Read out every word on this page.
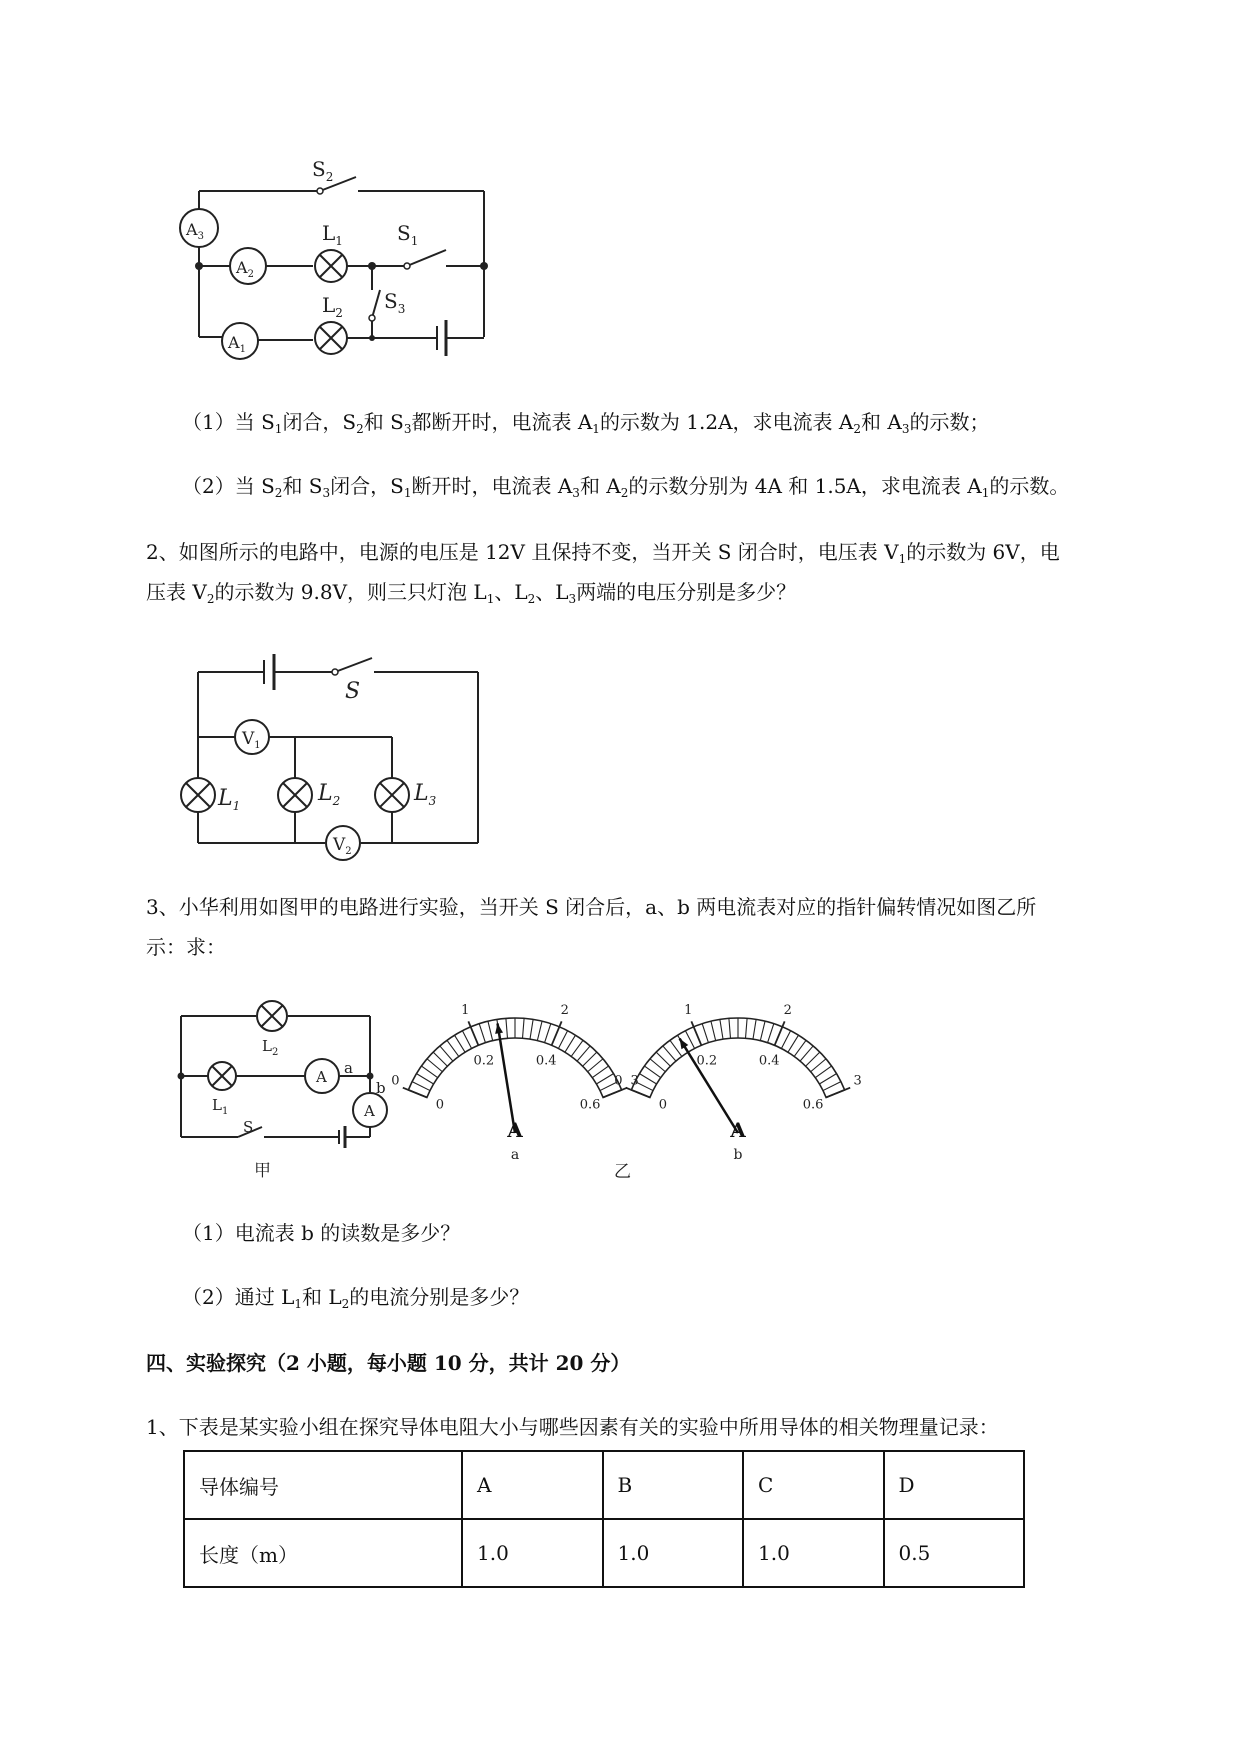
$S_2$
$A_3$
$A_2$
$L_1$	$S_1$
$L_2$ $S_3$
$A_1$
（1）当 $S_1$闭合，$S_2$和 $S_3$都断开时，电流表 $A_1$的示数为 1.2A，求电流表 $A_2$和 $A_3$的示数；
（2）当 $S_2$和 $S_3$闭合，$S_1$断开时，电流表 $A_3$和 $A_2$的示数分别为 4A 和 1.5A，求电流表 $A_1$的示数。
2、如图所示的电路中，电源的电压是 12V 且保持不变，当开关 S 闭合时，电压表 $V_1$的示数为 6V，电
压表 $V_2$的示数为 9.8V，则三只灯泡 $L_1$、$L_2$、$L_3$两端的电压分别是多少？
S
$L_1$	$L_2$	$L_3$
$V_1$
$V_2$
3、小华利用如图甲的电路进行实验，当开关 S 闭合后，a、b 两电流表对应的指针偏转情况如图乙所
示：求：
$L_2$
$L_1$
A
A
a
b
S
甲
0
1	2
3
0
0.2	0.4
0.6
A
a
0
1	2
3
0
0.2	0.4
0.6
A
b
乙
（1）电流表 b 的读数是多少？
（2）通过 $L_1$和 $L_2$的电流分别是多少？
四、实验探究（2 小题，每小题 10 分，共计 20 分）
1、下表是某实验小组在探究导体电阻大小与哪些因素有关的实验中所用导体的相关物理量记录：
导体编号	A	B	C	D
长度（m）	1.0	1.0	1.0	0.5
